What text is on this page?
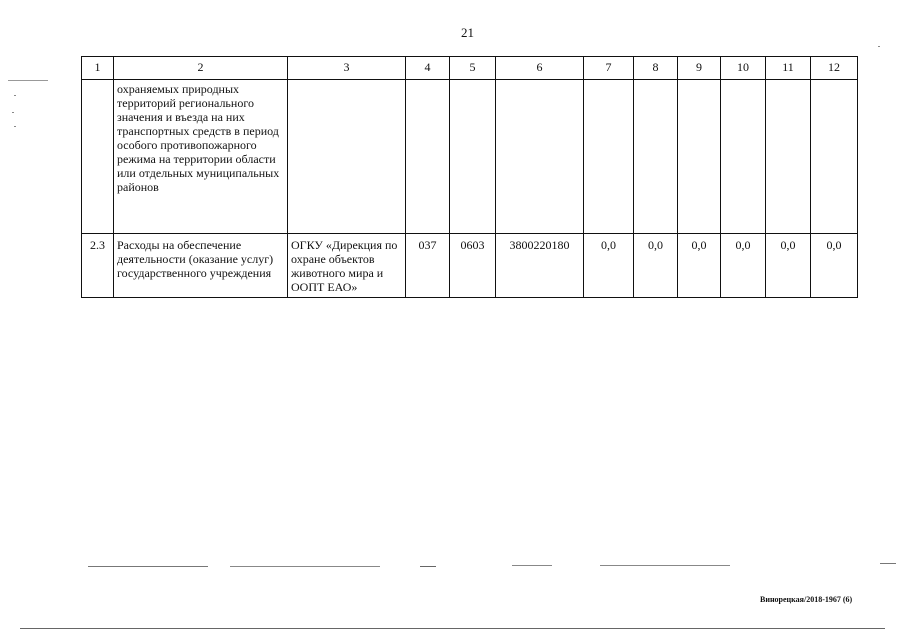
21
1	2	3	4	5	6	7	8	9	10	11	12
	охраняемых природных территорий регионального значения и въезда на них транспортных средств в период особого противопожарного режима на территории области или отдельных муниципальных районов										
2.3	Расходы на обеспечение деятельности (оказание услуг) государственного учреждения	ОГКУ «Дирекция по охране объектов животного мира и ООПТ ЕАО»	037	0603	3800220180	0,0	0,0	0,0	0,0	0,0	0,0
Винорецкая/2018-1967 (6)
